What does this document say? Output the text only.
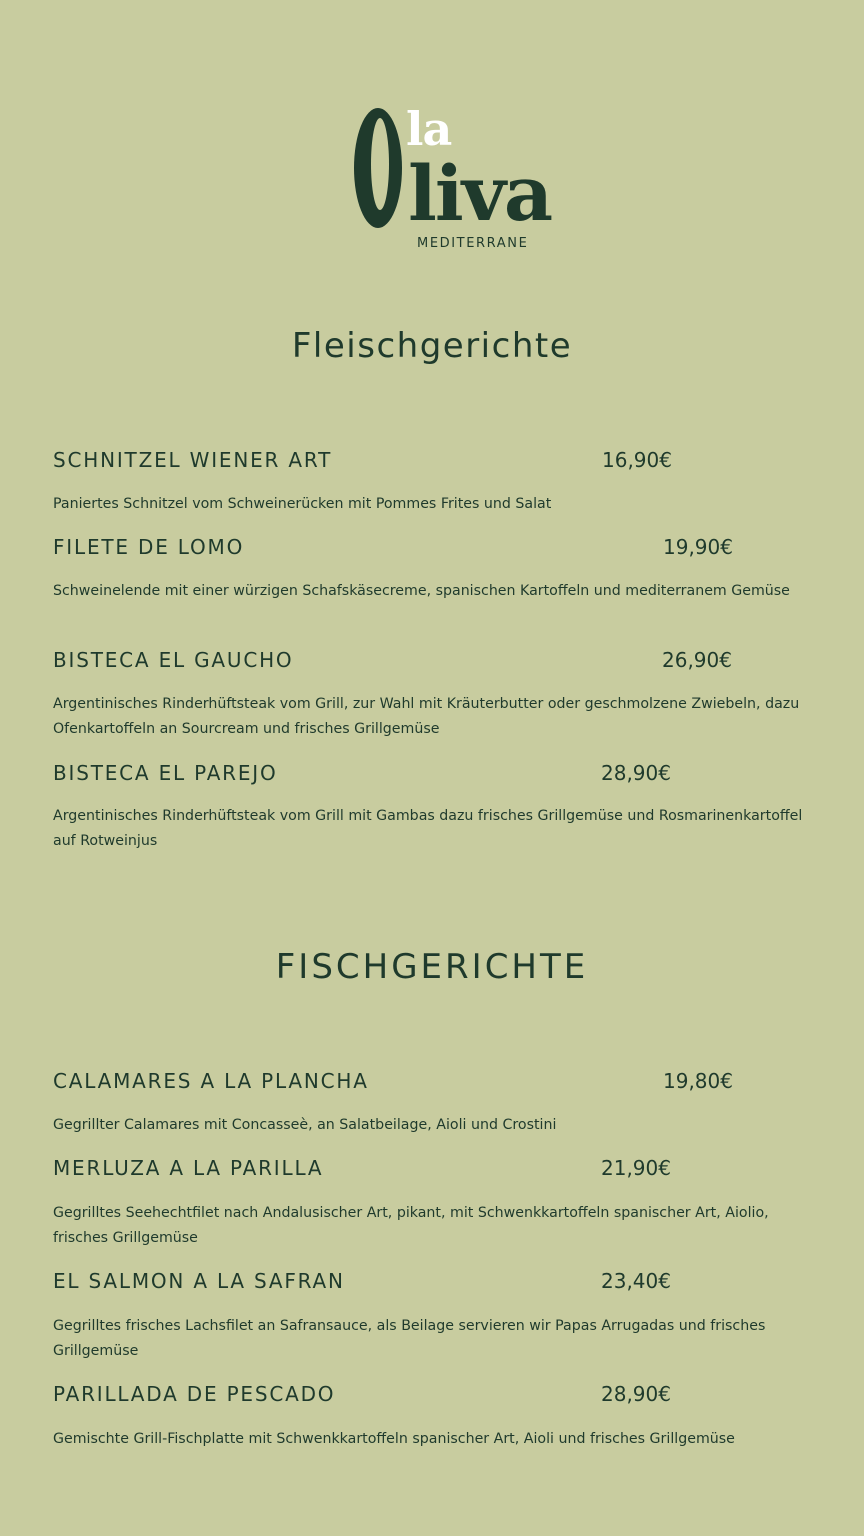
la
liva
MEDITERRANE
Fleischgerichte
SCHNITZEL WIENER ART	16,90€

Paniertes Schnitzel vom Schweinerücken mit Pommes Frites und Salat

FILETE DE LOMO	19,90€

Schweinelende mit einer würzigen Schafskäsecreme, spanischen Kartoffeln und mediterranem Gemüse

BISTECA EL GAUCHO	26,90€

Argentinisches Rinderhüftsteak vom Grill, zur Wahl mit Kräuterbutter oder geschmolzene Zwiebeln, dazu Ofenkartoffeln an Sourcream und frisches Grillgemüse

BISTECA EL PAREJO	28,90€

Argentinisches Rinderhüftsteak vom Grill mit Gambas dazu frisches Grillgemüse und Rosmarinenkartoffel auf Rotweinjus

FISCHGERICHTE
CALAMARES A LA PLANCHA	19,80€

Gegrillter Calamares mit Concasseè, an Salatbeilage, Aioli und Crostini

MERLUZA A LA PARILLA	21,90€

Gegrilltes Seehechtfilet nach Andalusischer Art, pikant, mit Schwenkkartoffeln spanischer Art, Aiolio, frisches Grillgemüse

EL SALMON A LA SAFRAN	23,40€

Gegrilltes frisches Lachsfilet an Safransauce, als Beilage servieren wir Papas Arrugadas und frisches Grillgemüse

PARILLADA DE PESCADO	28,90€

Gemischte Grill-Fischplatte mit Schwenkkartoffeln spanischer Art, Aioli und frisches Grillgemüse
